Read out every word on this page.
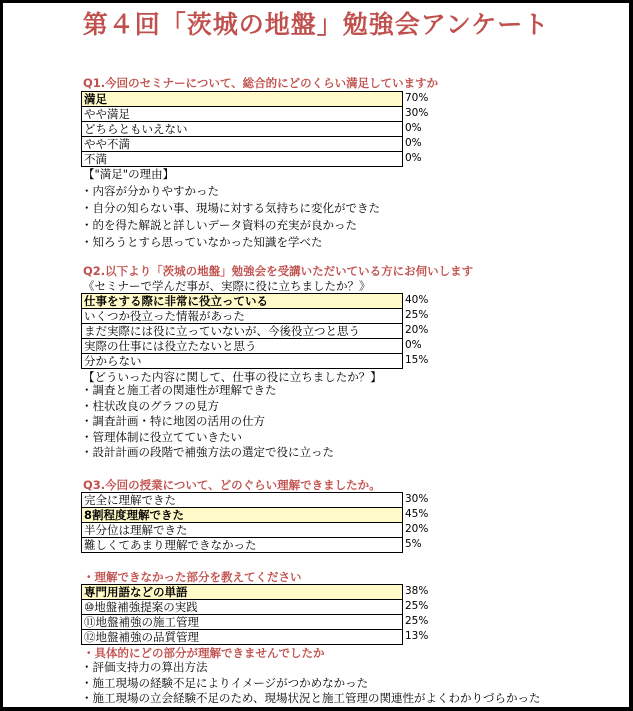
第４回「茨城の地盤」勉強会アンケート
Q1.今回のセミナーについて、総合的にどのくらい満足していますか
満足
やや満足
どちらともいえない
やや不満
不満
70%
30%
0%
0%
0%
【"満足"の理由】
・ 内容が分かりやすかった
・ 自分の知らない事、現場に対する気持ちに変化ができた
・ 的を得た解説と詳しいデータ資料の充実が良かった
・ 知ろうとすら思っていなかった知識を学べた
Q2.以下より「茨城の地盤」勉強会を受講いただいている方にお伺いします
《セミナーで学んだ事が、実際に役に立ちましたか？》
仕事をする際に非常に役立っている
いくつか役立った情報があった
まだ実際には役に立っていないが、今後役立つと思う
実際の仕事には役立たないと思う
分からない
40%
25%
20%
0%
15%
【どういった内容に関して、仕事の役に立ちましたか？】
・ 調査と施工者の関連性が理解できた
・ 柱状改良のグラフの見方
・ 調査計画・特に地図の活用の仕方
・ 管理体制に役立てていきたい
・ 設計計画の段階で補強方法の選定で役に立った
Q3.今回の授業について、どのぐらい理解できましたか。
完全に理解できた
8割程度理解できた
半分位は理解できた
難しくてあまり理解できなかった
30%
45%
20%
5%
・理解できなかった部分を教えてください
専門用語などの単語
⑩地盤補強提案の実践
⑪地盤補強の施工管理
⑫地盤補強の品質管理
38%
25%
25%
13%
・具体的にどの部分が理解できませんでしたか
・ 評価支持力の算出方法
・ 施工現場の経験不足によりイメージがつかめなかった
・ 施工現場の立会経験不足のため、現場状況と施工管理の関連性がよくわかりづらかった
